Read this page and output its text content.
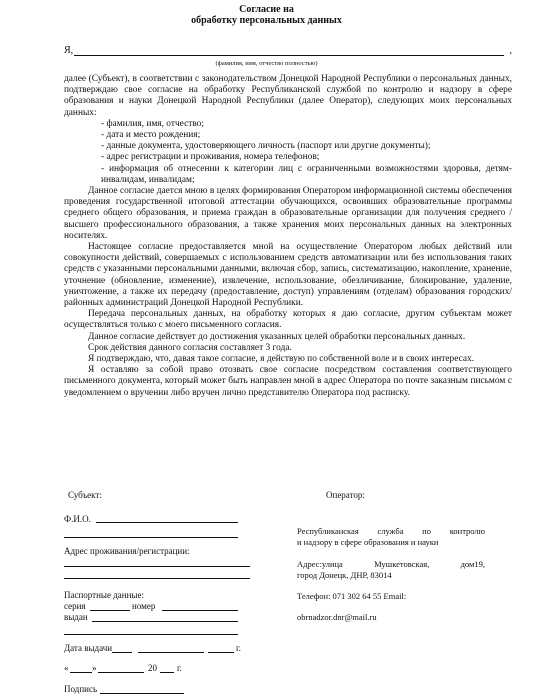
Согласие на
обработку персональных данных
Я,	,
(фамилия, имя, отчество полностью)

далее (Субъект), в соответствии с законодательством Донецкой Народной Республики о персональных данных, подтверждаю свое согласие на обработку Республиканской службой по контролю и надзору в сфере образования и науки Донецкой Народной Республики (далее Оператор), следующих моих персональных данных:

- фамилия, имя, отчество;
- дата и место рождения;
- данные документа, удостоверяющего личность (паспорт или другие документы);
- адрес регистрации и проживания, номера телефонов;

- информация об отнесении к категории лиц с ограниченными возможностями здоровья, детям-инвалидам, инвалидам;

Данное согласие дается мною в целях формирования Оператором информационной системы обеспечения проведения государственной итоговой аттестации обучающихся, освоивших образовательные программы среднего общего образования, и приема граждан в образовательные организации для получения среднего / высшего профессионального образования, а также хранения моих персональных данных на электронных носителях.

Настоящее согласие предоставляется мной на осуществление Оператором любых действий или совокупности действий, совершаемых с использованием средств автоматизации или без использования таких средств с указанными персональными данными, включая сбор, запись, систематизацию, накопление, хранение, уточнение (обновление, изменение), извлечение, использование, обезличивание, блокирование, удаление, уничтожение, а также их передачу (предоставление, доступ) управлениям (отделам) образования городских/районных администраций Донецкой Народной Республики.

Передача персональных данных, на обработку которых я даю согласие, другим субъектам может осуществляться только с моего письменного согласия.

Данное согласие действует до достижения указанных целей обработки персональных данных.

Срок действия данного согласия составляет 3 года.

Я подтверждаю, что, давая такое согласие, я действую по собственной воле и в своих интересах.

Я оставляю за собой право отозвать свое согласие посредством составления соответствующего письменного документа, который может быть направлен мной в адрес Оператора по почте заказным письмом с уведомлением о вручении либо вручен лично представителю Оператора под расписку.

Субъект:
Ф.И.О.
Адрес проживания/регистрации:
Паспортные данные:
серия	номер
выдан
Дата выдачи	г.
«	»	20 г.
Подпись
Оператор:
Республиканская служба по контролю
и надзору в сфере образования и науки
Адрес:улица Мушкетовская, дом19,
город Донецк, ДНР, 83014
Телефон: 071 302 64 55 Email:
obrnadzor.dnr@mail.ru
